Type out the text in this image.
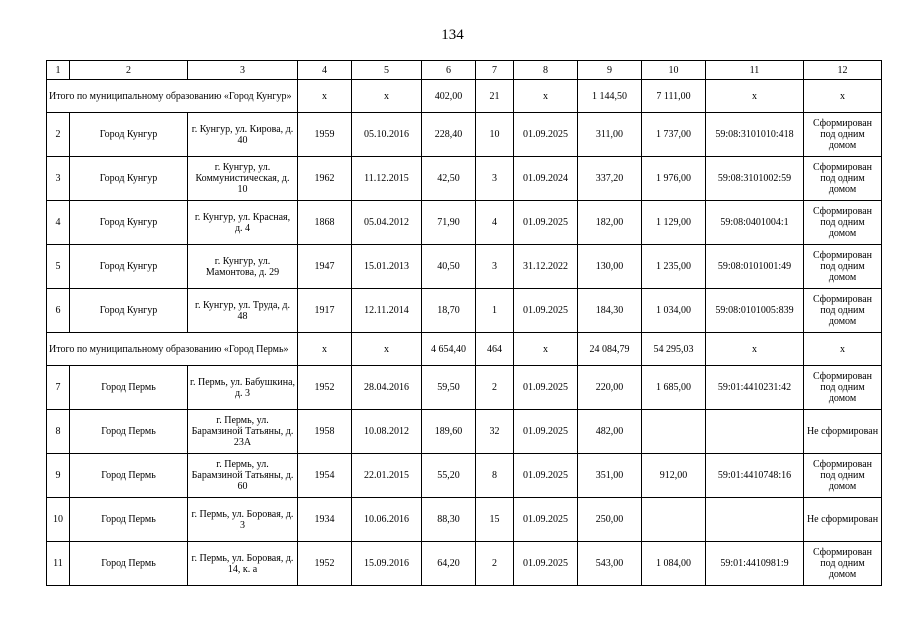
134
1	2	3	4	5	6	7	8	9	10	11	12
Итого по муниципальному образованию «Город Кунгур»			x	x	402,00	21	x	1 144,50	7 111,00	x	x
2	Город Кунгур	г. Кунгур, ул. Кирова, д. 40	1959	05.10.2016	228,40	10	01.09.2025	311,00	1 737,00	59:08:3101010:418	Сформирован под одним домом
3	Город Кунгур	г. Кунгур, ул. Коммунистическая, д. 10	1962	11.12.2015	42,50	3	01.09.2024	337,20	1 976,00	59:08:3101002:59	Сформирован под одним домом
4	Город Кунгур	г. Кунгур, ул. Красная, д. 4	1868	05.04.2012	71,90	4	01.09.2025	182,00	1 129,00	59:08:0401004:1	Сформирован под одним домом
5	Город Кунгур	г. Кунгур, ул. Мамонтова, д. 29	1947	15.01.2013	40,50	3	31.12.2022	130,00	1 235,00	59:08:0101001:49	Сформирован под одним домом
6	Город Кунгур	г. Кунгур, ул. Труда, д. 48	1917	12.11.2014	18,70	1	01.09.2025	184,30	1 034,00	59:08:0101005:839	Сформирован под одним домом
Итого по муниципальному образованию «Город Пермь»			x	x	4 654,40	464	x	24 084,79	54 295,03	x	x
7	Город Пермь	г. Пермь, ул. Бабушкина, д. 3	1952	28.04.2016	59,50	2	01.09.2025	220,00	1 685,00	59:01:4410231:42	Сформирован под одним домом
8	Город Пермь	г. Пермь, ул. Барамзиной Татьяны, д. 23А	1958	10.08.2012	189,60	32	01.09.2025	482,00			Не сформирован
9	Город Пермь	г. Пермь, ул. Барамзиной Татьяны, д. 60	1954	22.01.2015	55,20	8	01.09.2025	351,00	912,00	59:01:4410748:16	Сформирован под одним домом
10	Город Пермь	г. Пермь, ул. Боровая, д. 3	1934	10.06.2016	88,30	15	01.09.2025	250,00			Не сформирован
11	Город Пермь	г. Пермь, ул. Боровая, д. 14, к. а	1952	15.09.2016	64,20	2	01.09.2025	543,00	1 084,00	59:01:4410981:9	Сформирован под одним домом
